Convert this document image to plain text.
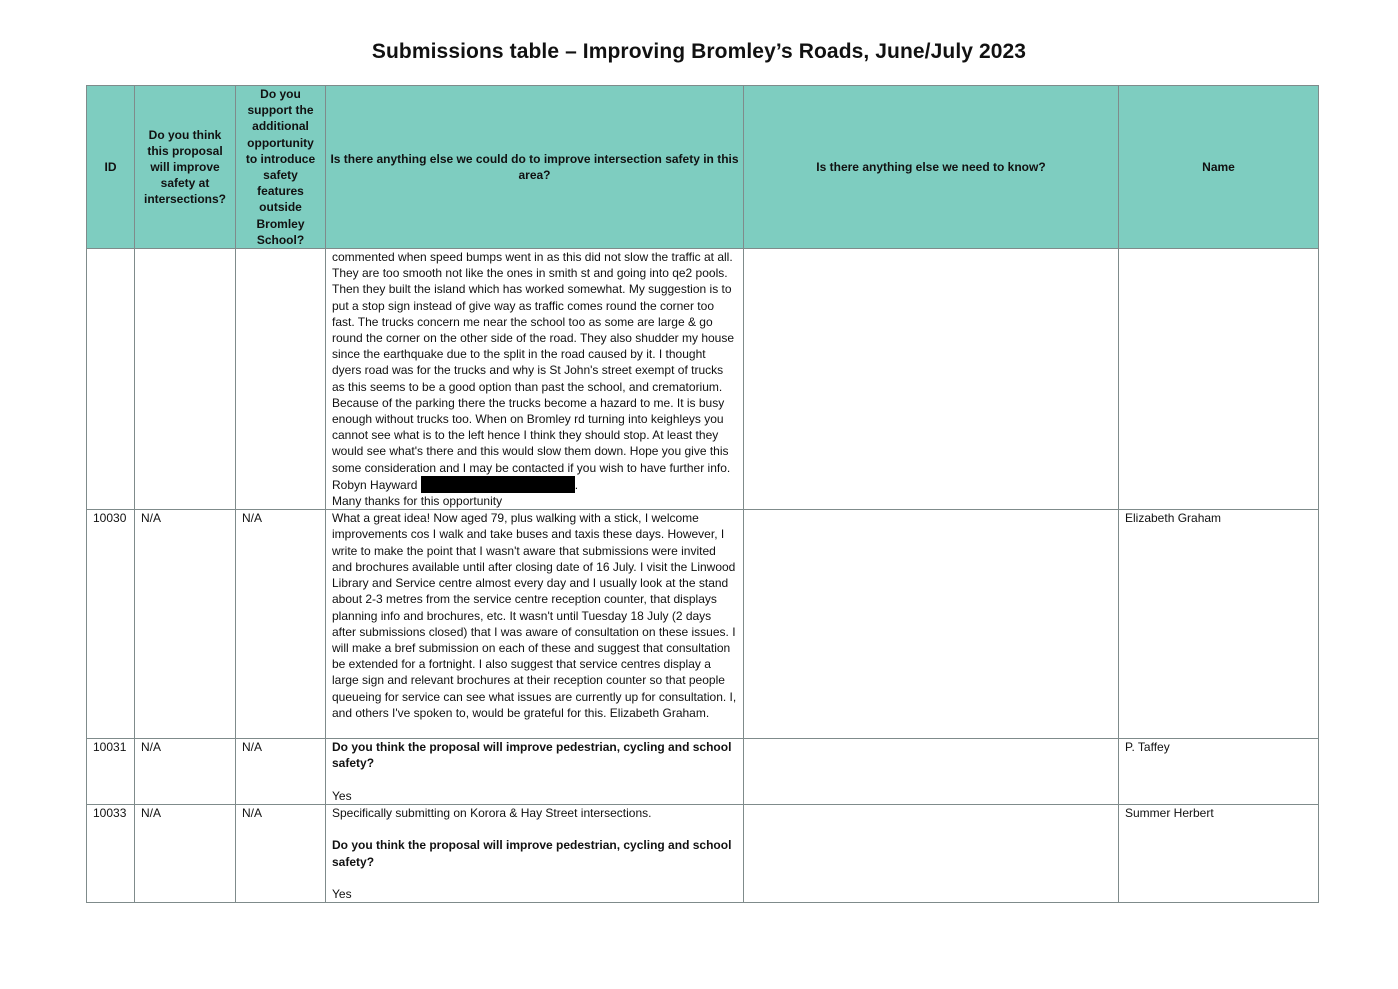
Submissions table – Improving Bromley’s Roads, June/July 2023
ID	Do you think this proposal will improve safety at intersections?	Do you support the additional opportunity to introduce safety features outside Bromley School?	Is there anything else we could do to improve intersection safety in this area?	Is there anything else we need to know?	Name
			commented when speed bumps went in as this did not slow the traffic at all. They are too smooth not like the ones in smith st and going into qe2 pools. Then they built the island which has worked somewhat. My suggestion is to put a stop sign instead of give way as traffic comes round the corner too fast. The trucks concern me near the school too as some are large & go round the corner on the other side of the road. They also shudder my house since the earthquake due to the split in the road caused by it. I thought dyers road was for the trucks and why is St John's street exempt of trucks as this seems to be a good option than past the school, and crematorium. Because of the parking there the trucks become a hazard to me. It is busy enough without trucks too. When on Bromley rd turning into keighleys you cannot see what is to the left hence I think they should stop. At least they would see what's there and this would slow them down. Hope you give this some consideration and I may be contacted if you wish to have further info. Robyn Hayward .
Many thanks for this opportunity		
10030	N/A	N/A	What a great idea! Now aged 79, plus walking with a stick, I welcome improvements cos I walk and take buses and taxis these days. However, I write to make the point that I wasn't aware that submissions were invited and brochures available until after closing date of 16 July. I visit the Linwood Library and Service centre almost every day and I usually look at the stand about 2-3 metres from the service centre reception counter, that displays planning info and brochures, etc. It wasn't until Tuesday 18 July (2 days after submissions closed) that I was aware of consultation on these issues. I will make a bref submission on each of these and suggest that consultation be extended for a fortnight. I also suggest that service centres display a large sign and relevant brochures at their reception counter so that people queueing for service can see what issues are currently up for consultation. I, and others I've spoken to, would be grateful for this. Elizabeth Graham.		Elizabeth Graham
10031	N/A	N/A	Do you think the proposal will improve pedestrian, cycling and school safety?

Yes		P. Taffey
10033	N/A	N/A	Specifically submitting on Korora & Hay Street intersections.

Do you think the proposal will improve pedestrian, cycling and school safety?

Yes		Summer Herbert
